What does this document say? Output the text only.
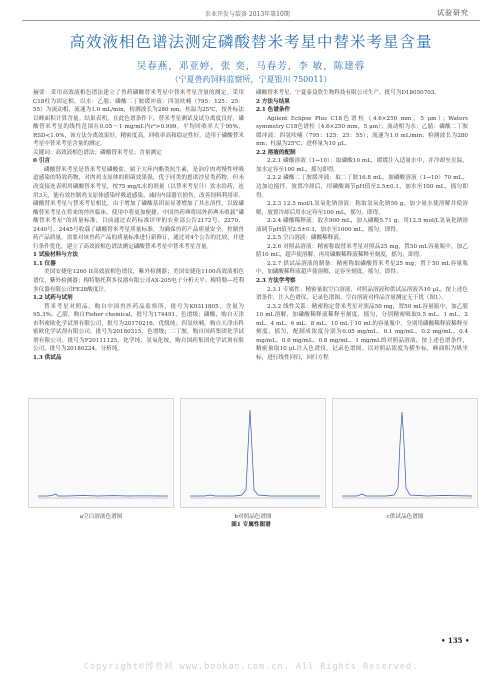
农业开发与装备 2013年第10期	试验研究
高效液相色谱法测定磷酸替米考星中替米考星含量
吴春燕，邓亚婷，张 奕，马春芳，李 敏，陈建蓉
（宁夏兽药饲料监察所，宁夏银川 750011）

摘要：采用高效液相色谱法建立了兽药磷酸替米考星中替米考星含量的测定。采用C18柱为固定相，以水：乙腈：磷酸二丁胺缓冲液：四氢呋喃（795：125：25：55）为流动相，流速为1.0 mL/min，检测波长为280 nm，柱温为25℃，按外标法以峰面积计算含量。结果表明，在此色谱条件下，替米考星测试及试分离度良好，磷酸替米考星的线性范围在0.05～1 mg/mL内r²>0.999，平均回收率大于99%，RSD<1.0%，该方法分离效果好，精密度高，回收率高和稳定性好，适用于磷酸替米考星中替米考星含量的测定。

关键词：高效液相色谱法；磷酸替米考星；含量测定

0 引言

磷酸替米考星是替米考星磷酸盐，属于大环内酯类抗生素，是治疗肉鸡慢性呼吸道感染的特效药物，对肉鸡支原体的抑菌效果强，优于同类的恩诺沙星类药物，但未改变接连表明用磷酸替米考星，按75 mg/L水的剂量（以替米考星计）饮水给药，连用3天，能有效控制鸡支原体感染呼吸道感染，减轻内部器官损伤，改善饲料利用率。磷酸替米考星与替米考星相比，由于增加了磷酸基团而显著增加了其水溶性，以致磷酸替米考星在将来的兽医临床、使用中将更加便捷、中国兽药典将国外药典未收载“磷酸替米考星”的质量标准，目前通过农药标准评审的农业部公告2172号、2270、2440号、2445号收载了磷酸替米考星质量标准，为确保兽药产品质量安全，控制兽药产品质量，需要对该兽药产品的质量标准进行新修订，通过对4个公告的比较，并进行条件优化，建立了高效液相色谱法测定磷酸替米考星中替米考星含量。

1 试验材料与方法

1.1 仪器

美国安捷伦1260 II高效液相色谱仪，紫外检测器；美国安捷伦1100高效液相色谱仪，紫外检测器；梅特勒托利多仪器有限公司AX-205电子分析天平；梅特勒—托利多仪器有限公司FE28酸度计。

1.2 试药与试剂

替米考星对照品，购自中国兽医药品监察所，批号为K0311805，含量为95.3%；乙腈，购自Fisher chemical，批号为174491，色谱级；磷酸，购自天津市科密欧化学试剂有限公司，批号为20170216，优级纯；四氢呋喃，购自天津市科密欧化学试剂有限公司，批号为20180315，色谱级；二丁胺，购自国药集团化学试剂有限公司，批号为F20111125，化学纯；氢氧化铵，购自国药集团化学试剂有限公司，批号为20180224，分析纯。

1.3 供试品

磷酸替米考星，宁夏泰益欣生物科技有限公司生产，批号为D18050703。

2 方法与结果

2.1 色谱条件

Agilent Eclipse Plus C18色谱柱（4.6×250 mm，5 μm）；Waters symmetry C18色谱柱（4.6×250 mm，5 μm）；流动相为水：乙腈：磷酸二丁胺缓冲液：四氢呋喃（795：125：25：55）；流速为1.0 mL/min；检测波长为280 nm；柱温为25℃；进样量为10 μL。

2.2 溶液的配制

2.2.1 磷酸溶液（1→10）：取磷酸10 mL，缓缓注入适量水中，并冷却至室温，加水定容至100 mL，摇匀即得。

2.2.2 磷酸二丁胺缓冲液：取二丁胺16.8 mL，加磷酸溶液（1→10）70 mL，边加边搅拌，放置冷却后，用磷酸调节pH值至2.5±0.1，加水至100 mL，摇匀即得。

2.2.3 12.5 mol/L氢氧化钠溶液：称取氢氧化钠50 g，加少量水使溶解并使溶解，放置冷却后用水定容至100 mL，摇匀，即得。

2.2.4 磷酸稀释液：取水900 mL，加入磷酸5.71 g，用12.5 mol/L氢氧化钠溶液调节pH值至2.5±0.1，加水至1000 mL，摇匀，即得。

2.2.5 空白溶液：磷酸稀释液。

2.2.6 对照品溶液：精密称取替米考星对照品25 mg，置50 mL容量瓶中，加乙腈10 mL，超声使溶解，再用磷酸稀释液稀释至刻度，摇匀，即得。

2.2.7 供试品溶液的制备：精密称取磷酸替米考星25 mg，置于50 mL容量瓶中，加磷酸稀释液超声使溶解，定容至刻度，摇匀，即得。

2.3 方法学考察

2.3.1 专属性：精密量取空白溶液、对照品溶液和供试品溶液各10 μL，按上述色谱条件，注入色谱仪，记录色谱图。空白溶液对样品含量测定无干扰（图1）。

2.3.2 线性关系：精密称定替米考星对照品50 mg，置50 mL容量瓶中，加乙腈10 mL溶解，加磷酸稀释液稀释至刻度，摇匀，分别精密吸取0.5 mL、1 mL、2 mL、4 mL、6 mL、8 mL、10 mL于10 mL的容量瓶中，分别用磷酸稀释液稀释至刻度，摇匀，配制成浓度分别为0.05 mg/mL、0.1 mg/mL、0.2 mg/mL、0.4 mg/mL、0.6 mg/mL、0.8 mg/mL、1 mg/mL的对照品溶液，按上述色谱条件，精密量取10 μL注入色谱仪，记录色谱图。以对照品浓度为横坐标，峰面积为纵坐标，进行线性回归，回归方程

a空白溶液色谱图	b对照品色谱图	c供试品色谱图
图1 专属性图谱
• 135 •
Copyright©博看网 www.bookan.com.cn. All Rights Reserved.
